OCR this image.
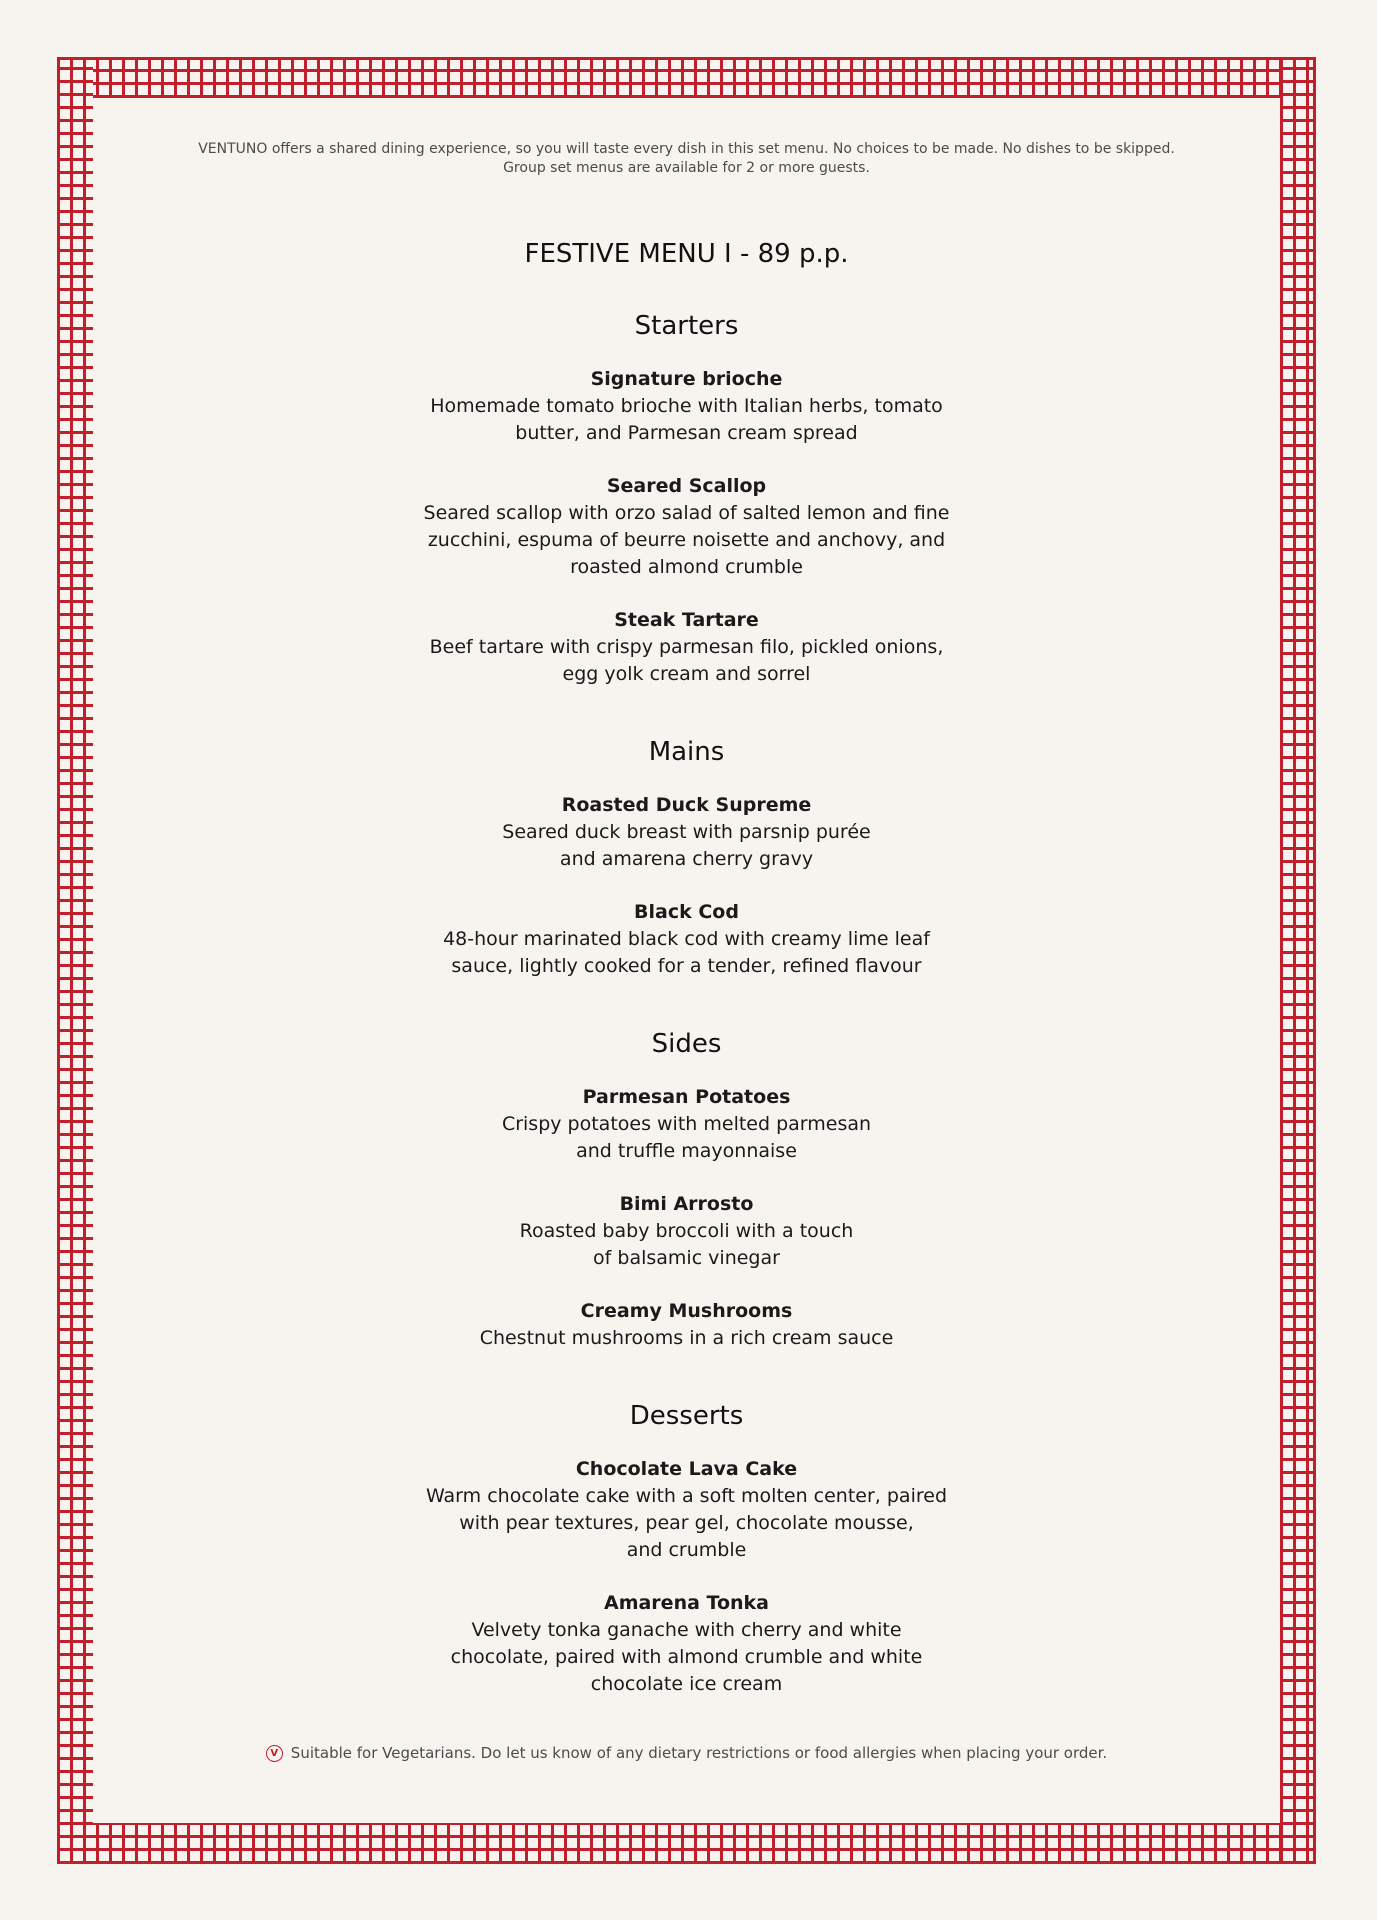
VENTUNO offers a shared dining experience, so you will taste every dish in this set menu. No choices to be made. No dishes to be skipped.
Group set menus are available for 2 or more guests.
FESTIVE MENU I - 89 p.p.
Starters
Signature brioche
Homemade tomato brioche with Italian herbs, tomato
butter, and Parmesan cream spread
Seared Scallop
Seared scallop with orzo salad of salted lemon and fine
zucchini, espuma of beurre noisette and anchovy, and
roasted almond crumble
Steak Tartare
Beef tartare with crispy parmesan filo, pickled onions,
egg yolk cream and sorrel
Mains
Roasted Duck Supreme
Seared duck breast with parsnip purée
and amarena cherry gravy
Black Cod
48-hour marinated black cod with creamy lime leaf
sauce, lightly cooked for a tender, refined flavour
Sides
Parmesan Potatoes
Crispy potatoes with melted parmesan
and truffle mayonnaise
Bimi Arrosto
Roasted baby broccoli with a touch
of balsamic vinegar
Creamy Mushrooms
Chestnut mushrooms in a rich cream sauce
Desserts
Chocolate Lava Cake
Warm chocolate cake with a soft molten center, paired
with pear textures, pear gel, chocolate mousse,
and crumble
Amarena Tonka
Velvety tonka ganache with cherry and white
chocolate, paired with almond crumble and white
chocolate ice cream
V Suitable for Vegetarians. Do let us know of any dietary restrictions or food allergies when placing your order.
